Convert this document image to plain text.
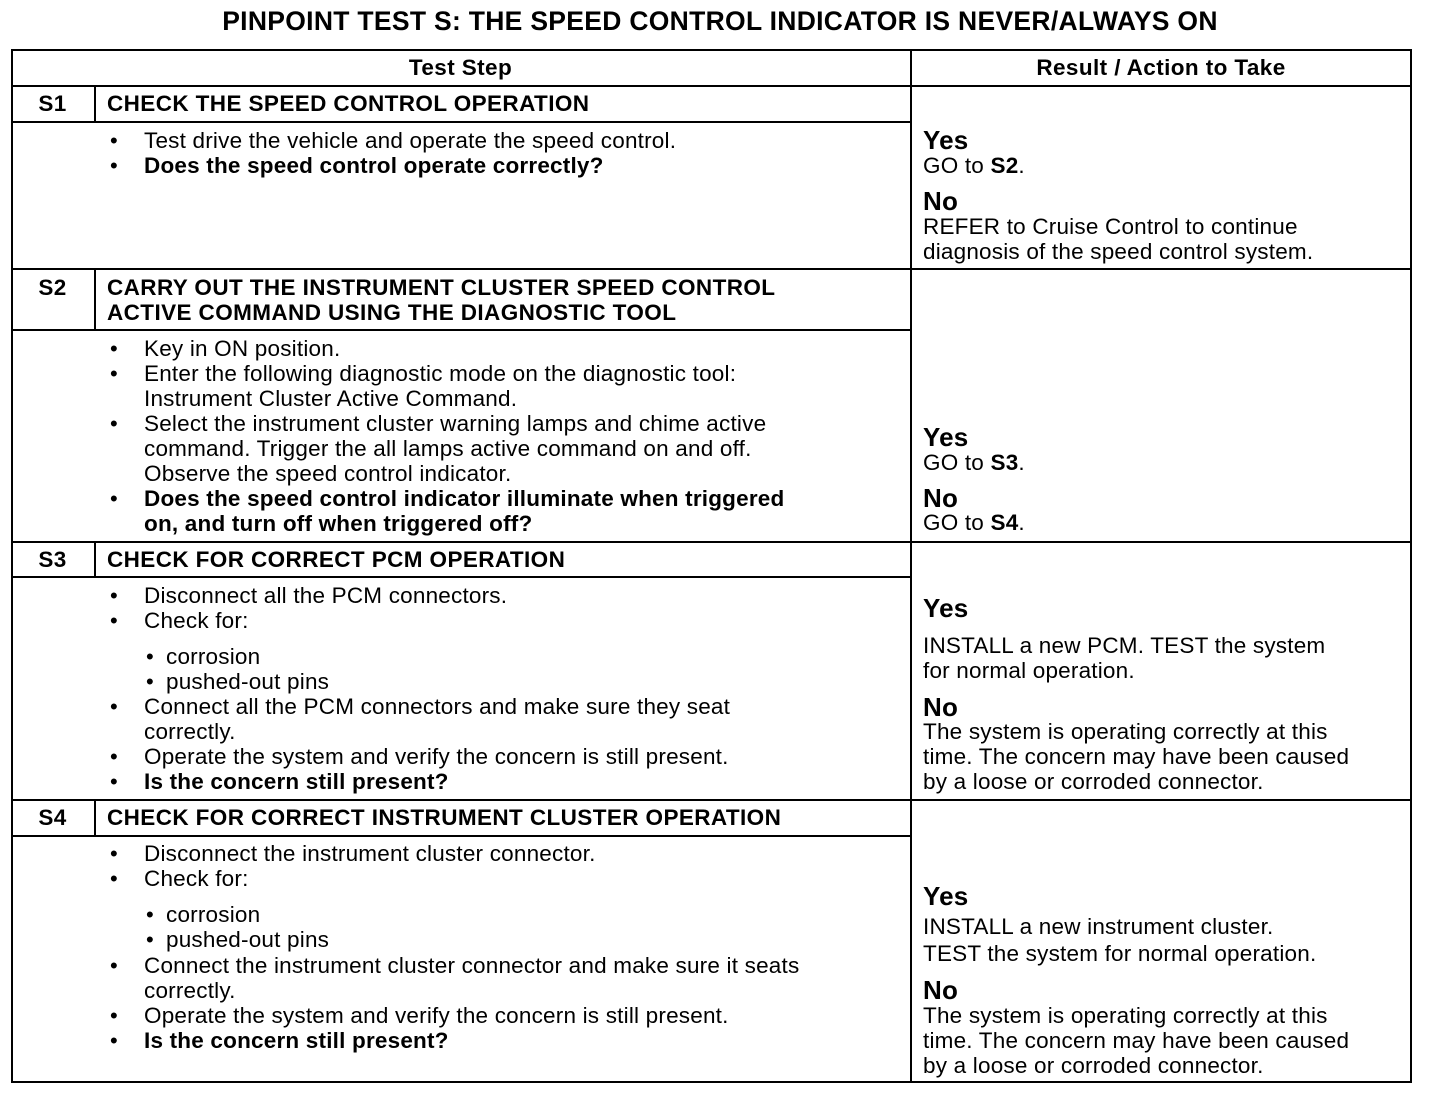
PINPOINT TEST S: THE SPEED CONTROL INDICATOR IS NEVER/ALWAYS ON
Test Step	Result / Action to Take
S1	CHECK THE SPEED CONTROL OPERATION
• Test drive the vehicle and operate the speed control.
• Does the speed control operate correctly?
Yes
GO to S2.
No
REFER to Cruise Control to continue
diagnosis of the speed control system.
S2	CARRY OUT THE INSTRUMENT CLUSTER SPEED CONTROL
ACTIVE COMMAND USING THE DIAGNOSTIC TOOL
• Key in ON position.
• Enter the following diagnostic mode on the diagnostic tool:
Instrument Cluster Active Command.
• Select the instrument cluster warning lamps and chime active
command. Trigger the all lamps active command on and off.
Observe the speed control indicator.
• Does the speed control indicator illuminate when triggered
on, and turn off when triggered off?
Yes
GO to S3.
No
GO to S4.
S3	CHECK FOR CORRECT PCM OPERATION
• Disconnect all the PCM connectors.
• Check for:
• corrosion
• pushed-out pins
• Connect all the PCM connectors and make sure they seat
correctly.
• Operate the system and verify the concern is still present.
• Is the concern still present?
Yes
INSTALL a new PCM. TEST the system
for normal operation.
No
The system is operating correctly at this
time. The concern may have been caused
by a loose or corroded connector.
S4	CHECK FOR CORRECT INSTRUMENT CLUSTER OPERATION
• Disconnect the instrument cluster connector.
• Check for:
• corrosion
• pushed-out pins
• Connect the instrument cluster connector and make sure it seats
correctly.
• Operate the system and verify the concern is still present.
• Is the concern still present?
Yes
INSTALL a new instrument cluster.
TEST the system for normal operation.
No
The system is operating correctly at this
time. The concern may have been caused
by a loose or corroded connector.
